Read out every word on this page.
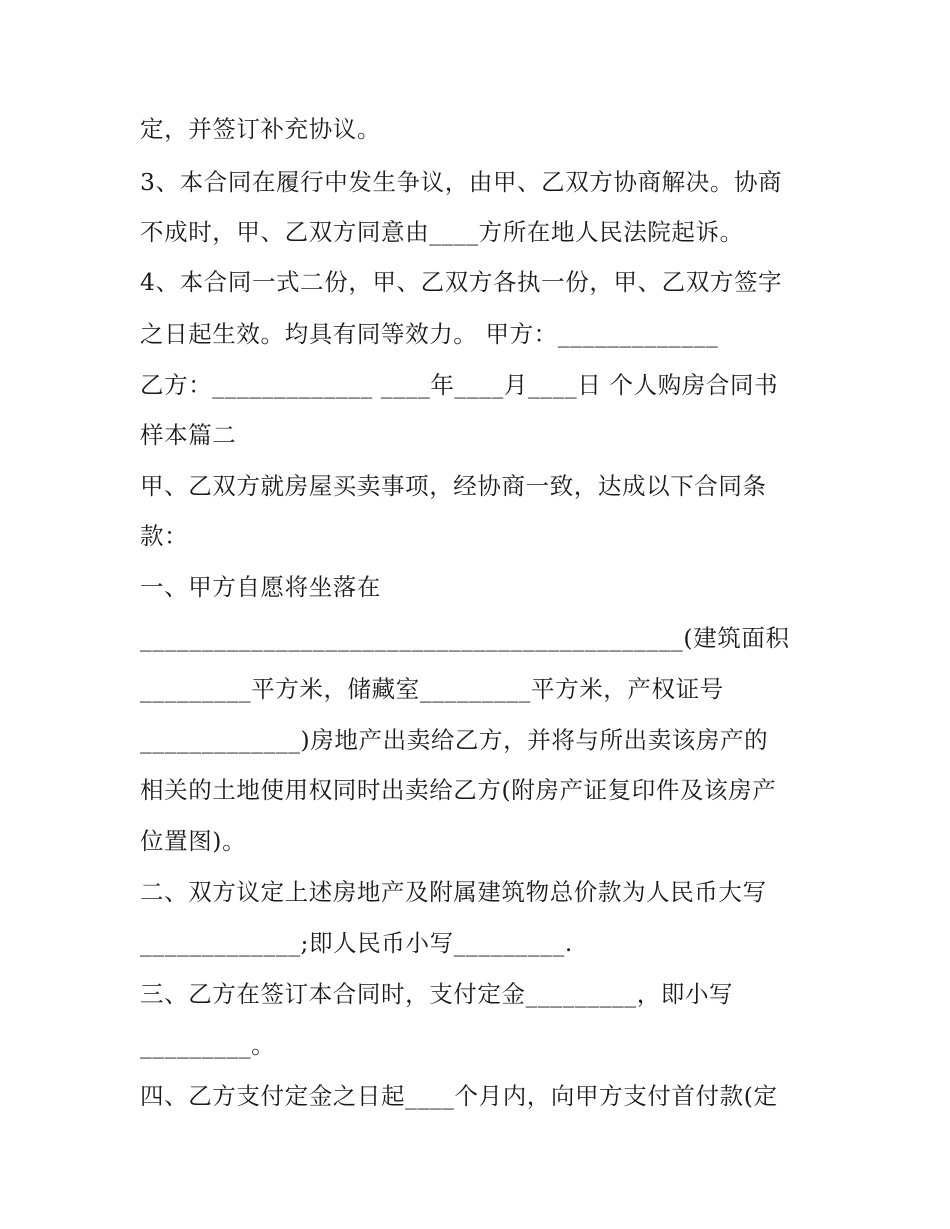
定，并签订补充协议。
3、本合同在履行中发生争议，由甲、乙双方协商解决。协商
不成时，甲、乙双方同意由____方所在地人民法院起诉。
4、本合同一式二份，甲、乙双方各执一份，甲、乙双方签字
之日起生效。均具有同等效力。 甲方：_____________
乙方：_____________ ____年____月____日 个人购房合同书
样本篇二
甲、乙双方就房屋买卖事项，经协商一致，达成以下合同条
款：
一、甲方自愿将坐落在
____________________________________________(建筑面积
_________平方米，储藏室_________平方米，产权证号
_____________)房地产出卖给乙方，并将与所出卖该房产的
相关的土地使用权同时出卖给乙方(附房产证复印件及该房产
位置图)。
二、双方议定上述房地产及附属建筑物总价款为人民币大写
_____________;即人民币小写_________.
三、乙方在签订本合同时，支付定金_________，即小写
_________。
四、乙方支付定金之日起____个月内，向甲方支付首付款(定
